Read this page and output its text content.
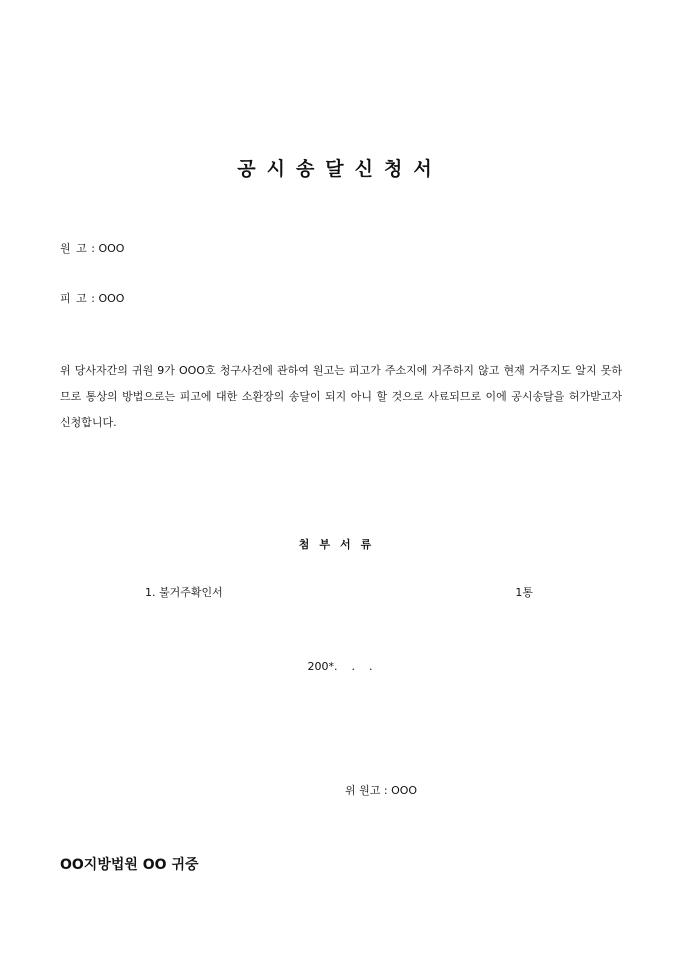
공시송달신청서

원 고 : ΟΟΟ

피 고 : ΟΟΟ

위 당사자간의 귀원 9가 ΟΟΟ호 청구사건에 관하여 원고는 피고가 주소지에 거주하지 않고 현재 거주지도 알지 못하므로 통상의 방법으로는 피고에 대한 소환장의 송달이 되지 아니 할 것으로 사료되므로 이에 공시송달을 허가받고자 신청합니다.

첨부서류
1. 불거주확인서	1통

200*.    .    .

위 원고 : ΟΟΟ

ΟΟ지방법원 ΟΟ 귀중
